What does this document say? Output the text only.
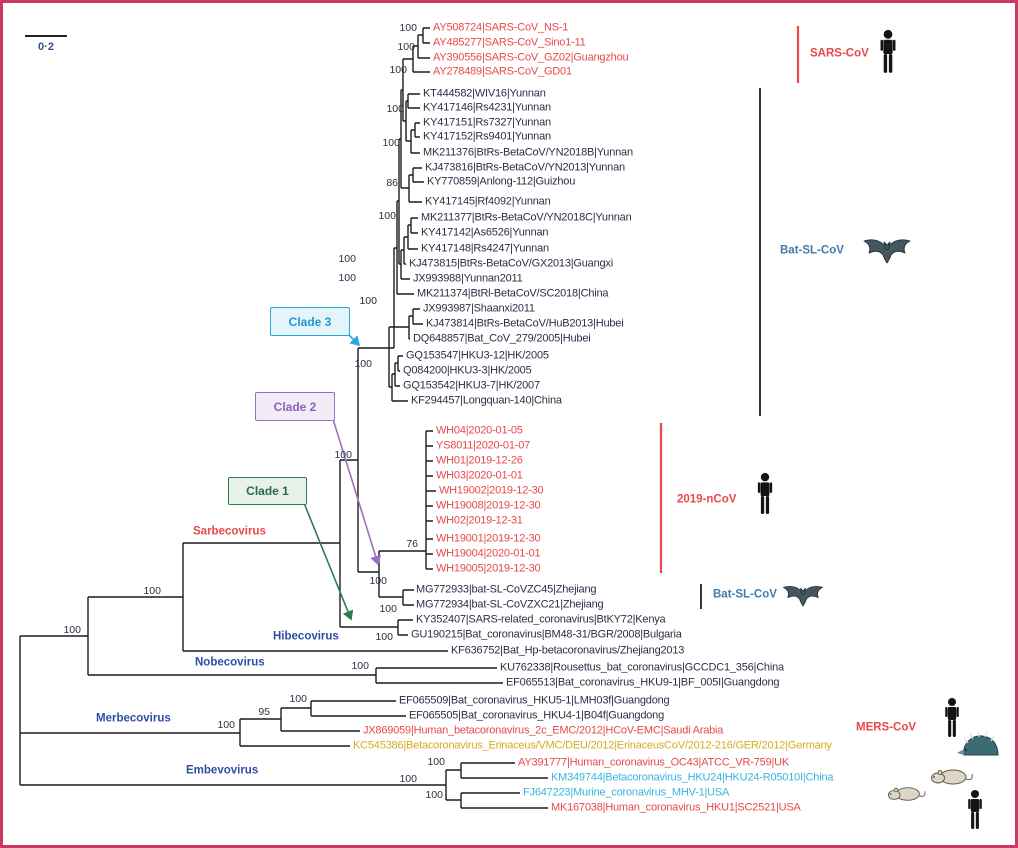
0·2
AY508724|SARS-CoV_NS-1
AY485277|SARS-CoV_Sino1-11
AY390556|SARS-CoV_GZ02|Guangzhou
AY278489|SARS-CoV_GD01
KT444582|WIV16|Yunnan
KY417146|Rs4231|Yunnan
KY417151|Rs7327|Yunnan
KY417152|Rs9401|Yunnan
MK211376|BtRs-BetaCoV/YN2018B|Yunnan
KJ473816|BtRs-BetaCoV/YN2013|Yunnan
KY770859|Anlong-112|Guizhou
KY417145|Rf4092|Yunnan
MK211377|BtRs-BetaCoV/YN2018C|Yunnan
KY417142|As6526|Yunnan
KY417148|Rs4247|Yunnan
KJ473815|BtRs-BetaCoV/GX2013|Guangxi
JX993988|Yunnan2011
MK211374|BtRl-BetaCoV/SC2018|China
JX993987|Shaanxi2011
KJ473814|BtRs-BetaCoV/HuB2013|Hubei
DQ648857|Bat_CoV_279/2005|Hubei
GQ153547|HKU3-12|HK/2005
Q084200|HKU3-3|HK/2005
GQ153542|HKU3-7|HK/2007
KF294457|Longquan-140|China
WH04|2020-01-05
YS8011|2020-01-07
WH01|2019-12-26
WH03|2020-01-01
WH19002|2019-12-30
WH19008|2019-12-30
WH02|2019-12-31
WH19001|2019-12-30
WH19004|2020-01-01
WH19005|2019-12-30
MG772933|bat-SL-CoVZC45|Zhejiang
MG772934|bat-SL-CoVZXC21|Zhejiang
KY352407|SARS-related_coronavirus|BtKY72|Kenya
GU190215|Bat_coronavirus|BM48-31/BGR/2008|Bulgaria
KF636752|Bat_Hp-betacoronavirus/Zhejiang2013
KU762338|Rousettus_bat_coronavirus|GCCDC1_356|China
EF065513|Bat_coronavirus_HKU9-1|BF_005I|Guangdong
EF065509|Bat_coronavirus_HKU5-1|LMH03f|Guangdong
EF065505|Bat_coronavirus_HKU4-1|B04f|Guangdong
JX869059|Human_betacoronavirus_2c_EMC/2012|HCoV-EMC|Saudi Arabia
KC545386|Betacoronavirus_Erinaceus/VMC/DEU/2012|ErinaceusCoV/2012-216/GER/2012|Germany
AY391777|Human_coronavirus_OC43|ATCC_VR-759|UK
KM349744|Betacoronavirus_HKU24|HKU24-R05010I|China
FJ647223|Murine_coronavirus_MHV-1|USA
MK167038|Human_coronavirus_HKU1|SC2521|USA
100
100
100
100
100
86
100
100
100
100
100
100
100
100
76
100
100
100
100
100
95
100
100
100
100
Clade 3
Clade 2
Clade 1
Sarbecovirus
Hibecovirus
Nobecovirus
Merbecovirus
Embevovirus
SARS-CoV
Bat-SL-CoV
2019-nCoV
Bat-SL-CoV
MERS-CoV
